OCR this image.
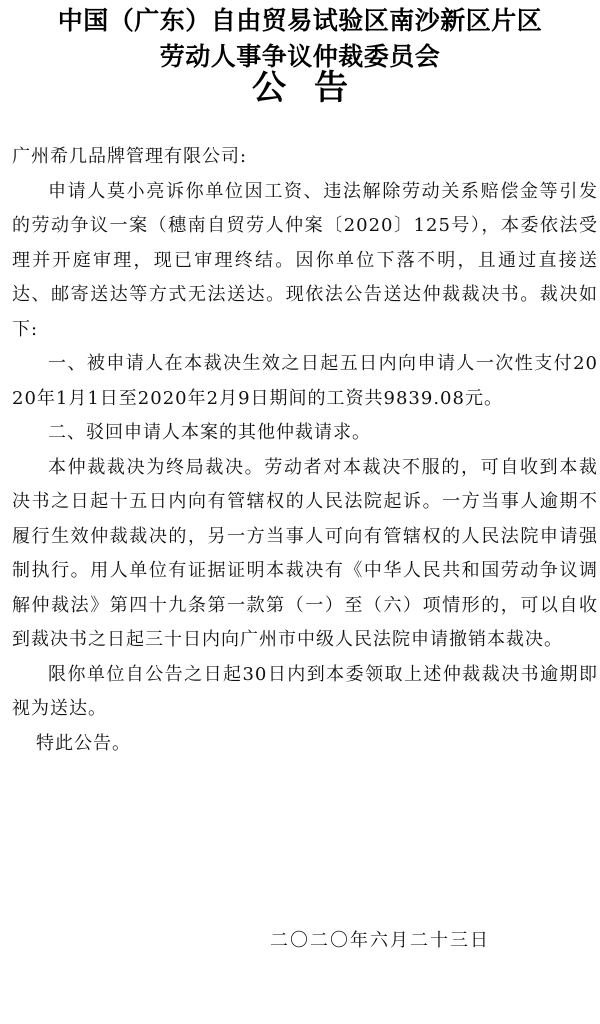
中国（广东）自由贸易试验区南沙新区片区
劳动人事争议仲裁委员会
公告

广州希几品牌管理有限公司:

申请人莫小亮诉你单位因工资、违法解除劳动关系赔偿金等引发的劳动争议一案（穗南自贸劳人仲案〔2020〕125号），本委依法受理并开庭审理，现已审理终结。因你单位下落不明，且通过直接送达、邮寄送达等方式无法送达。现依法公告送达仲裁裁决书。裁决如下:

一、被申请人在本裁决生效之日起五日内向申请人一次性支付2020年1月1日至2020年2月9日期间的工资共9839.08元。

二、驳回申请人本案的其他仲裁请求。

本仲裁裁决为终局裁决。劳动者对本裁决不服的，可自收到本裁决书之日起十五日内向有管辖权的人民法院起诉。一方当事人逾期不履行生效仲裁裁决的，另一方当事人可向有管辖权的人民法院申请强制执行。用人单位有证据证明本裁决有《中华人民共和国劳动争议调解仲裁法》第四十九条第一款第（一）至（六）项情形的，可以自收到裁决书之日起三十日内向广州市中级人民法院申请撤销本裁决。

限你单位自公告之日起30日内到本委领取上述仲裁裁决书逾期即视为送达。

特此公告。

二〇二〇年六月二十三日
